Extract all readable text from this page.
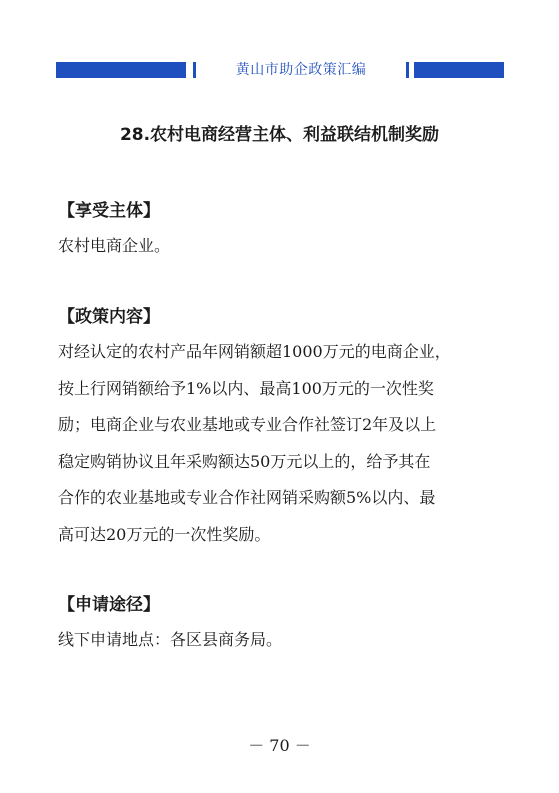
黄山市助企政策汇编
28.农村电商经营主体、利益联结机制奖励
【享受主体】
农村电商企业。
【政策内容】
对经认定的农村产品年网销额超1000万元的电商企业，
按上行网销额给予1%以内、最高100万元的一次性奖
励；电商企业与农业基地或专业合作社签订2年及以上
稳定购销协议且年采购额达50万元以上的，给予其在
合作的农业基地或专业合作社网销采购额5%以内、最
高可达20万元的一次性奖励。
【申请途径】
线下申请地点：各区县商务局。
－ 70 －
